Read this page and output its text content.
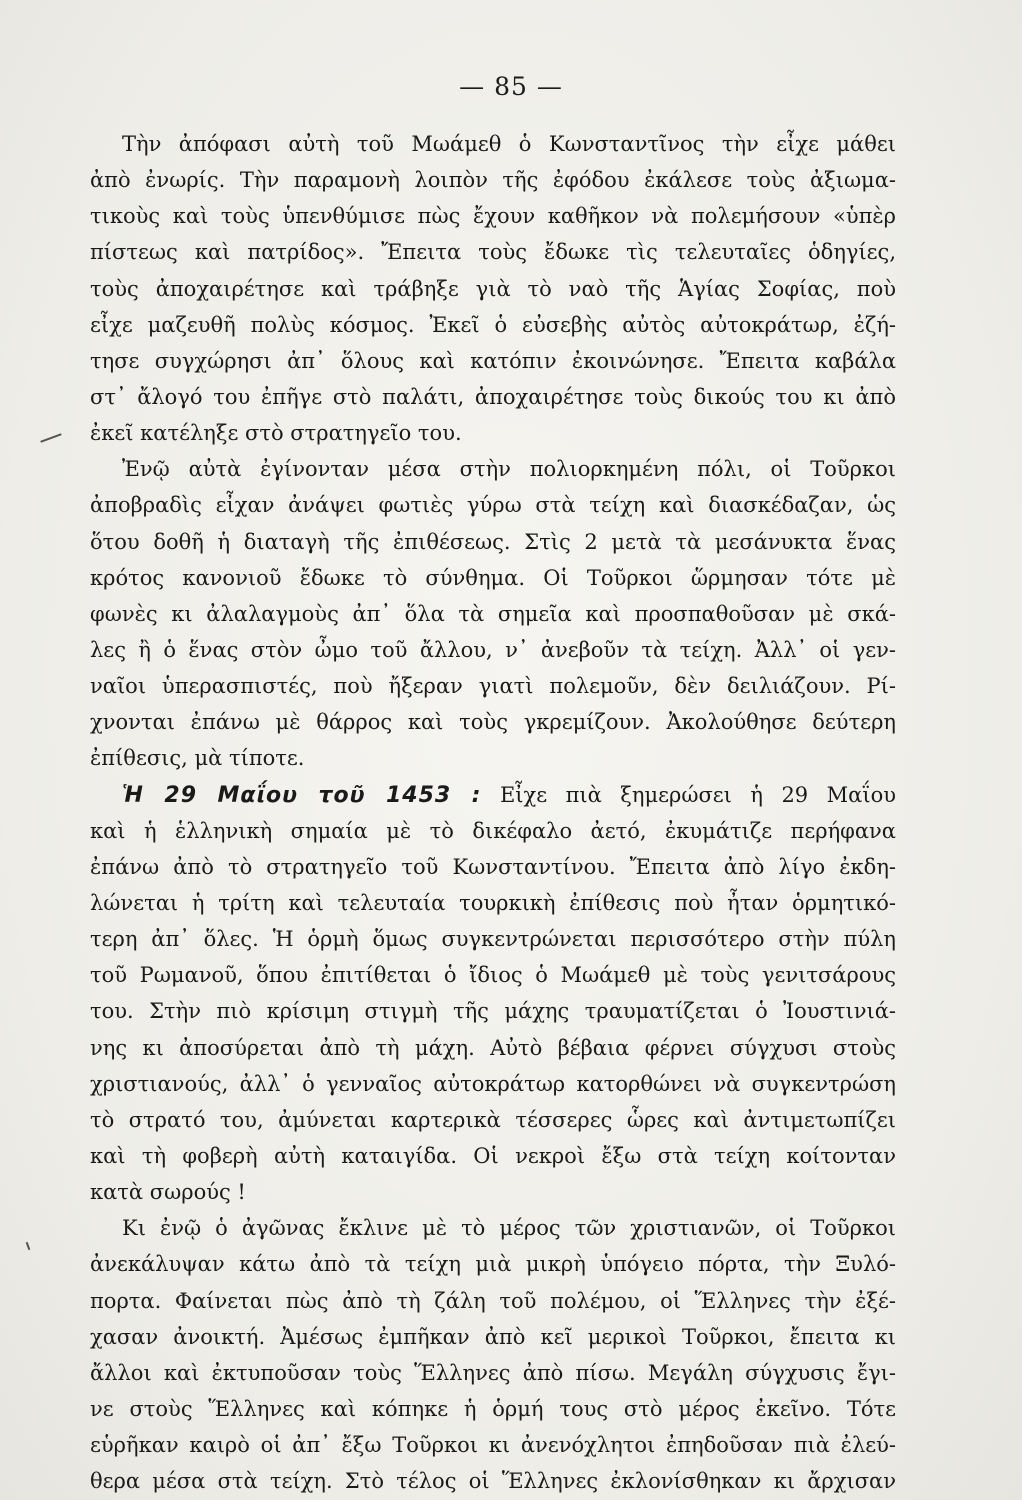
— 85 —
Τὴν ἀπόφασι αὐτὴ τοῦ Μωάμεθ ὁ Κωνσταντῖνος τὴν εἶχε μάθει
ἀπὸ ἐνωρίς. Τὴν παραμονὴ λοιπὸν τῆς ἐφόδου ἐκάλεσε τοὺς ἀξιωμα-
τικοὺς καὶ τοὺς ὑπενθύμισε πὼς ἔχουν καθῆκον νὰ πολεμήσουν «ὑπὲρ
πίστεως καὶ πατρίδος». Ἔπειτα τοὺς ἔδωκε τὶς τελευταῖες ὁδηγίες,
τοὺς ἀποχαιρέτησε καὶ τράβηξε γιὰ τὸ ναὸ τῆς Ἁγίας Σοφίας, ποὺ
εἶχε μαζευθῆ πολὺς κόσμος. Ἐκεῖ ὁ εὐσεβὴς αὐτὸς αὐτοκράτωρ, ἐζή-
τησε συγχώρησι ἀπ᾽ ὅλους καὶ κατόπιν ἐκοινώνησε. Ἔπειτα καβάλα
στ᾽ ἄλογό του ἐπῆγε στὸ παλάτι, ἀποχαιρέτησε τοὺς δικούς του κι ἀπὸ
ἐκεῖ κατέληξε στὸ στρατηγεῖο του.
Ἐνῷ αὐτὰ ἐγίνονταν μέσα στὴν πολιορκημένη πόλι, οἱ Τοῦρκοι
ἀποβραδὶς εἶχαν ἀνάψει φωτιὲς γύρω στὰ τείχη καὶ διασκέδαζαν, ὡς
ὅτου δοθῆ ἡ διαταγὴ τῆς ἐπιθέσεως. Στὶς 2 μετὰ τὰ μεσάνυκτα ἕνας
κρότος κανονιοῦ ἔδωκε τὸ σύνθημα. Οἱ Τοῦρκοι ὥρμησαν τότε μὲ
φωνὲς κι ἀλαλαγμοὺς ἀπ᾽ ὅλα τὰ σημεῖα καὶ προσπαθοῦσαν μὲ σκά-
λες ἢ ὁ ἕνας στὸν ὦμο τοῦ ἄλλου, ν᾽ ἀνεβοῦν τὰ τείχη. Ἀλλ᾽ οἱ γεν-
ναῖοι ὑπερασπιστές, ποὺ ἤξεραν γιατὶ πολεμοῦν, δὲν δειλιάζουν. Ρί-
χνονται ἐπάνω μὲ θάρρος καὶ τοὺς γκρεμίζουν. Ἀκολούθησε δεύτερη
ἐπίθεσις, μὰ τίποτε.
Ἡ 29 Μαΐου τοῦ 1453 : Εἶχε πιὰ ξημερώσει ἡ 29 Μαΐου
καὶ ἡ ἑλληνικὴ σημαία μὲ τὸ δικέφαλο ἀετό, ἐκυμάτιζε περήφανα
ἐπάνω ἀπὸ τὸ στρατηγεῖο τοῦ Κωνσταντίνου. Ἔπειτα ἀπὸ λίγο ἐκδη-
λώνεται ἡ τρίτη καὶ τελευταία τουρκικὴ ἐπίθεσις ποὺ ἦταν ὁρμητικό-
τερη ἀπ᾽ ὅλες. Ἡ ὁρμὴ ὅμως συγκεντρώνεται περισσότερο στὴν πύλη
τοῦ Ρωμανοῦ, ὅπου ἐπιτίθεται ὁ ἴδιος ὁ Μωάμεθ μὲ τοὺς γενιτσάρους
του. Στὴν πιὸ κρίσιμη στιγμὴ τῆς μάχης τραυματίζεται ὁ Ἰουστινιά-
νης κι ἀποσύρεται ἀπὸ τὴ μάχη. Αὐτὸ βέβαια φέρνει σύγχυσι στοὺς
χριστιανούς, ἀλλ᾽ ὁ γενναῖος αὐτοκράτωρ κατορθώνει νὰ συγκεντρώση
τὸ στρατό του, ἀμύνεται καρτερικὰ τέσσερες ὧρες καὶ ἀντιμετωπίζει
καὶ τὴ φοβερὴ αὐτὴ καταιγίδα. Οἱ νεκροὶ ἔξω στὰ τείχη κοίτονταν
κατὰ σωρούς !
Κι ἐνῷ ὁ ἀγῶνας ἔκλινε μὲ τὸ μέρος τῶν χριστιανῶν, οἱ Τοῦρκοι
ἀνεκάλυψαν κάτω ἀπὸ τὰ τείχη μιὰ μικρὴ ὑπόγειο πόρτα, τὴν Ξυλό-
πορτα. Φαίνεται πὼς ἀπὸ τὴ ζάλη τοῦ πολέμου, οἱ Ἕλληνες τὴν ἐξέ-
χασαν ἀνοικτή. Ἀμέσως ἐμπῆκαν ἀπὸ κεῖ μερικοὶ Τοῦρκοι, ἔπειτα κι
ἄλλοι καὶ ἐκτυποῦσαν τοὺς Ἕλληνες ἀπὸ πίσω. Μεγάλη σύγχυσις ἔγι-
νε στοὺς Ἕλληνες καὶ κόπηκε ἡ ὁρμή τους στὸ μέρος ἐκεῖνο. Τότε
εὑρῆκαν καιρὸ οἱ ἀπ᾽ ἔξω Τοῦρκοι κι ἀνενόχλητοι ἐπηδοῦσαν πιὰ ἐλεύ-
θερα μέσα στὰ τείχη. Στὸ τέλος οἱ Ἕλληνες ἐκλονίσθηκαν κι ἄρχισαν
